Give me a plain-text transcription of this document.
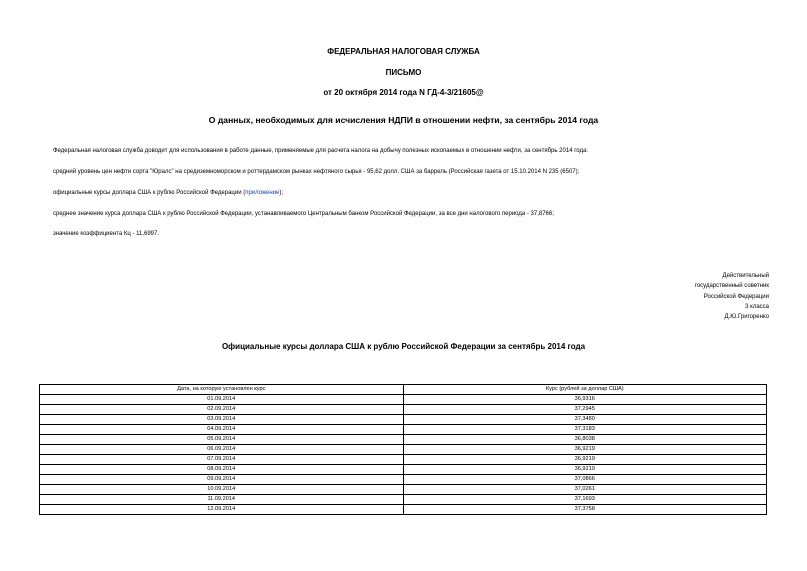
ФЕДЕРАЛЬНАЯ НАЛОГОВАЯ СЛУЖБА
ПИСЬМО
от 20 октября 2014 года N ГД-4-3/21605@
О данных, необходимых для исчисления НДПИ в отношении нефти, за сентябрь 2014 года
Федеральная налоговая служба доводит для использования в работе данные, применяемые для расчета налога на добычу полезных ископаемых в отношении нефти, за сентябрь 2014 года:
средний уровень цен нефти сорта "Юралс" на средиземноморском и роттердамском рынках нефтяного сырья - 95,62 долл. США за баррель (Российская газета от 15.10.2014 N 235 (6507);
официальные курсы доллара США к рублю Российской Федерации (приложение);
среднее значение курса доллара США к рублю Российской Федерации, устанавливаемого Центральным банком Российской Федерации, за все дни налогового периода - 37,8766;
значение коэффициента Кц - 11,6997.
Действительный
государственный советник
Российской Федерации
3 класса
Д.Ю.Григоренко
Официальные курсы доллара США к рублю Российской Федерации за сентябрь 2014 года
Дата, на которую установлен курс	Курс (рублей за доллар США)
01.09.2014	36,9316
02.09.2014	37,2945
03.09.2014	37,3480
04.09.2014	37,3183
05.09.2014	36,8038
06.09.2014	36,9219
07.09.2014	36,9219
08.09.2014	36,9219
09.09.2014	37,0866
10.09.2014	37,0261
11.09.2014	37,1693
12.09.2014	37,3758
